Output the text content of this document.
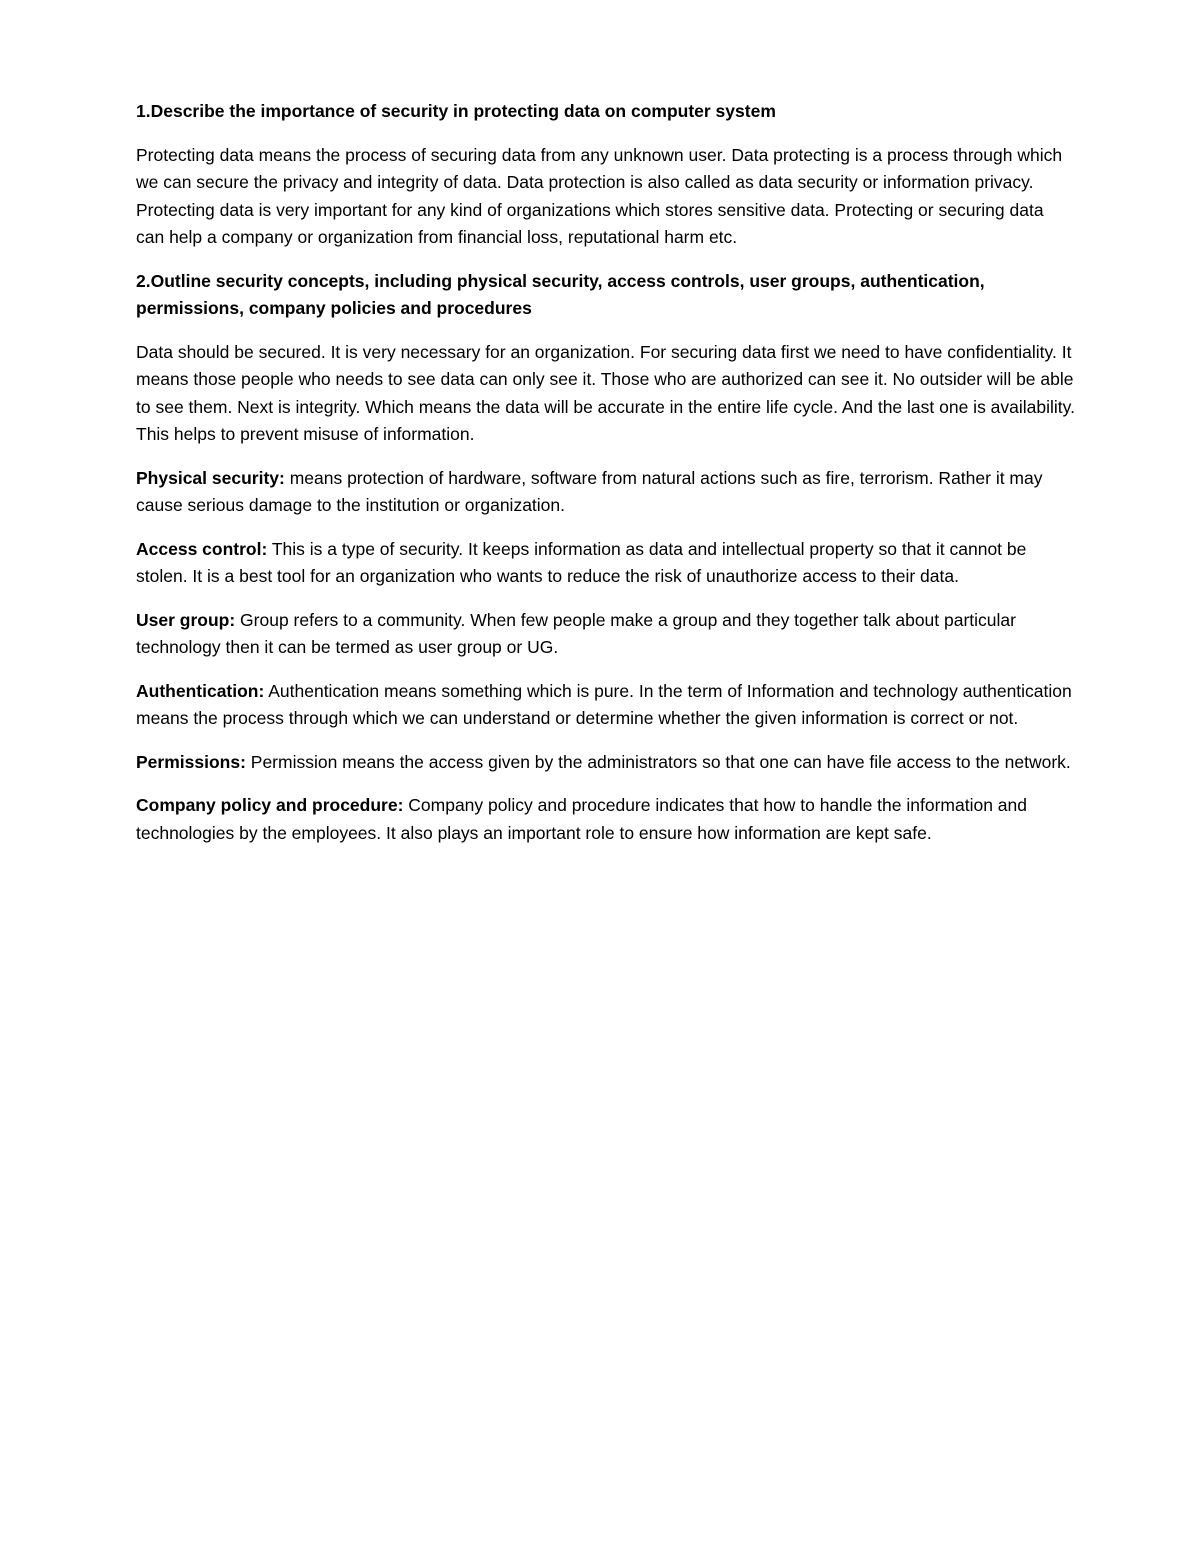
1.Describe the importance of security in protecting data on computer system

Protecting data means the process of securing data from any unknown user. Data protecting is a process through which we can secure the privacy and integrity of data. Data protection is also called as data security or information privacy. Protecting data is very important for any kind of organizations which stores sensitive data. Protecting or securing data can help a company or organization from financial loss, reputational harm etc.

2.Outline security concepts, including physical security, access controls, user groups, authentication, permissions, company policies and procedures

Data should be secured. It is very necessary for an organization. For securing data first we need to have confidentiality. It means those people who needs to see data can only see it. Those who are authorized can see it. No outsider will be able to see them. Next is integrity. Which means the data will be accurate in the entire life cycle. And the last one is availability. This helps to prevent misuse of information.

Physical security: means protection of hardware, software from natural actions such as fire, terrorism. Rather it may cause serious damage to the institution or organization.

Access control: This is a type of security. It keeps information as data and intellectual property so that it cannot be stolen. It is a best tool for an organization who wants to reduce the risk of unauthorize access to their data.

User group: Group refers to a community. When few people make a group and they together talk about particular technology then it can be termed as user group or UG.

Authentication: Authentication means something which is pure. In the term of Information and technology authentication means the process through which we can understand or determine whether the given information is correct or not.

Permissions: Permission means the access given by the administrators so that one can have file access to the network.

Company policy and procedure: Company policy and procedure indicates that how to handle the information and technologies by the employees. It also plays an important role to ensure how information are kept safe.
